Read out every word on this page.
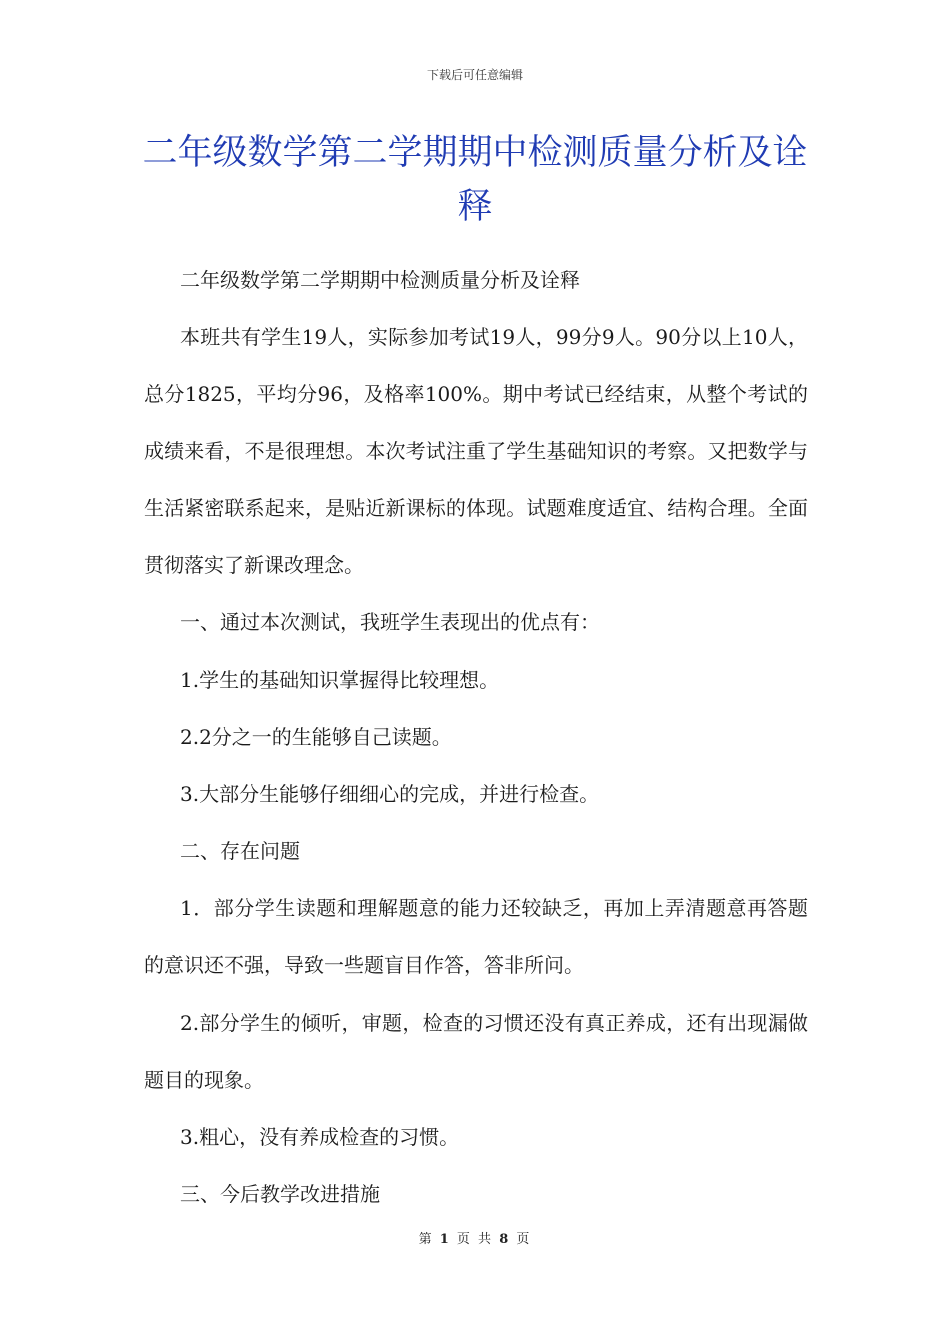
下载后可任意编辑
二年级数学第二学期期中检测质量分析及诠释

二年级数学第二学期期中检测质量分析及诠释

本班共有学生19人，实际参加考试19人，99分9人。90分以上10人，总分1825，平均分96，及格率100%。期中考试已经结束，从整个考试的成绩来看，不是很理想。本次考试注重了学生基础知识的考察。又把数学与生活紧密联系起来，是贴近新课标的体现。试题难度适宜、结构合理。全面贯彻落实了新课改理念。

一、通过本次测试，我班学生表现出的优点有：

1.学生的基础知识掌握得比较理想。

2.2分之一的生能够自己读题。

3.大部分生能够仔细细心的完成，并进行检查。

二、存在问题

1．部分学生读题和理解题意的能力还较缺乏，再加上弄清题意再答题的意识还不强，导致一些题盲目作答，答非所问。

2.部分学生的倾听，审题，检查的习惯还没有真正养成，还有出现漏做题目的现象。

3.粗心，没有养成检查的习惯。

三、今后教学改进措施

第 1 页 共 8 页
